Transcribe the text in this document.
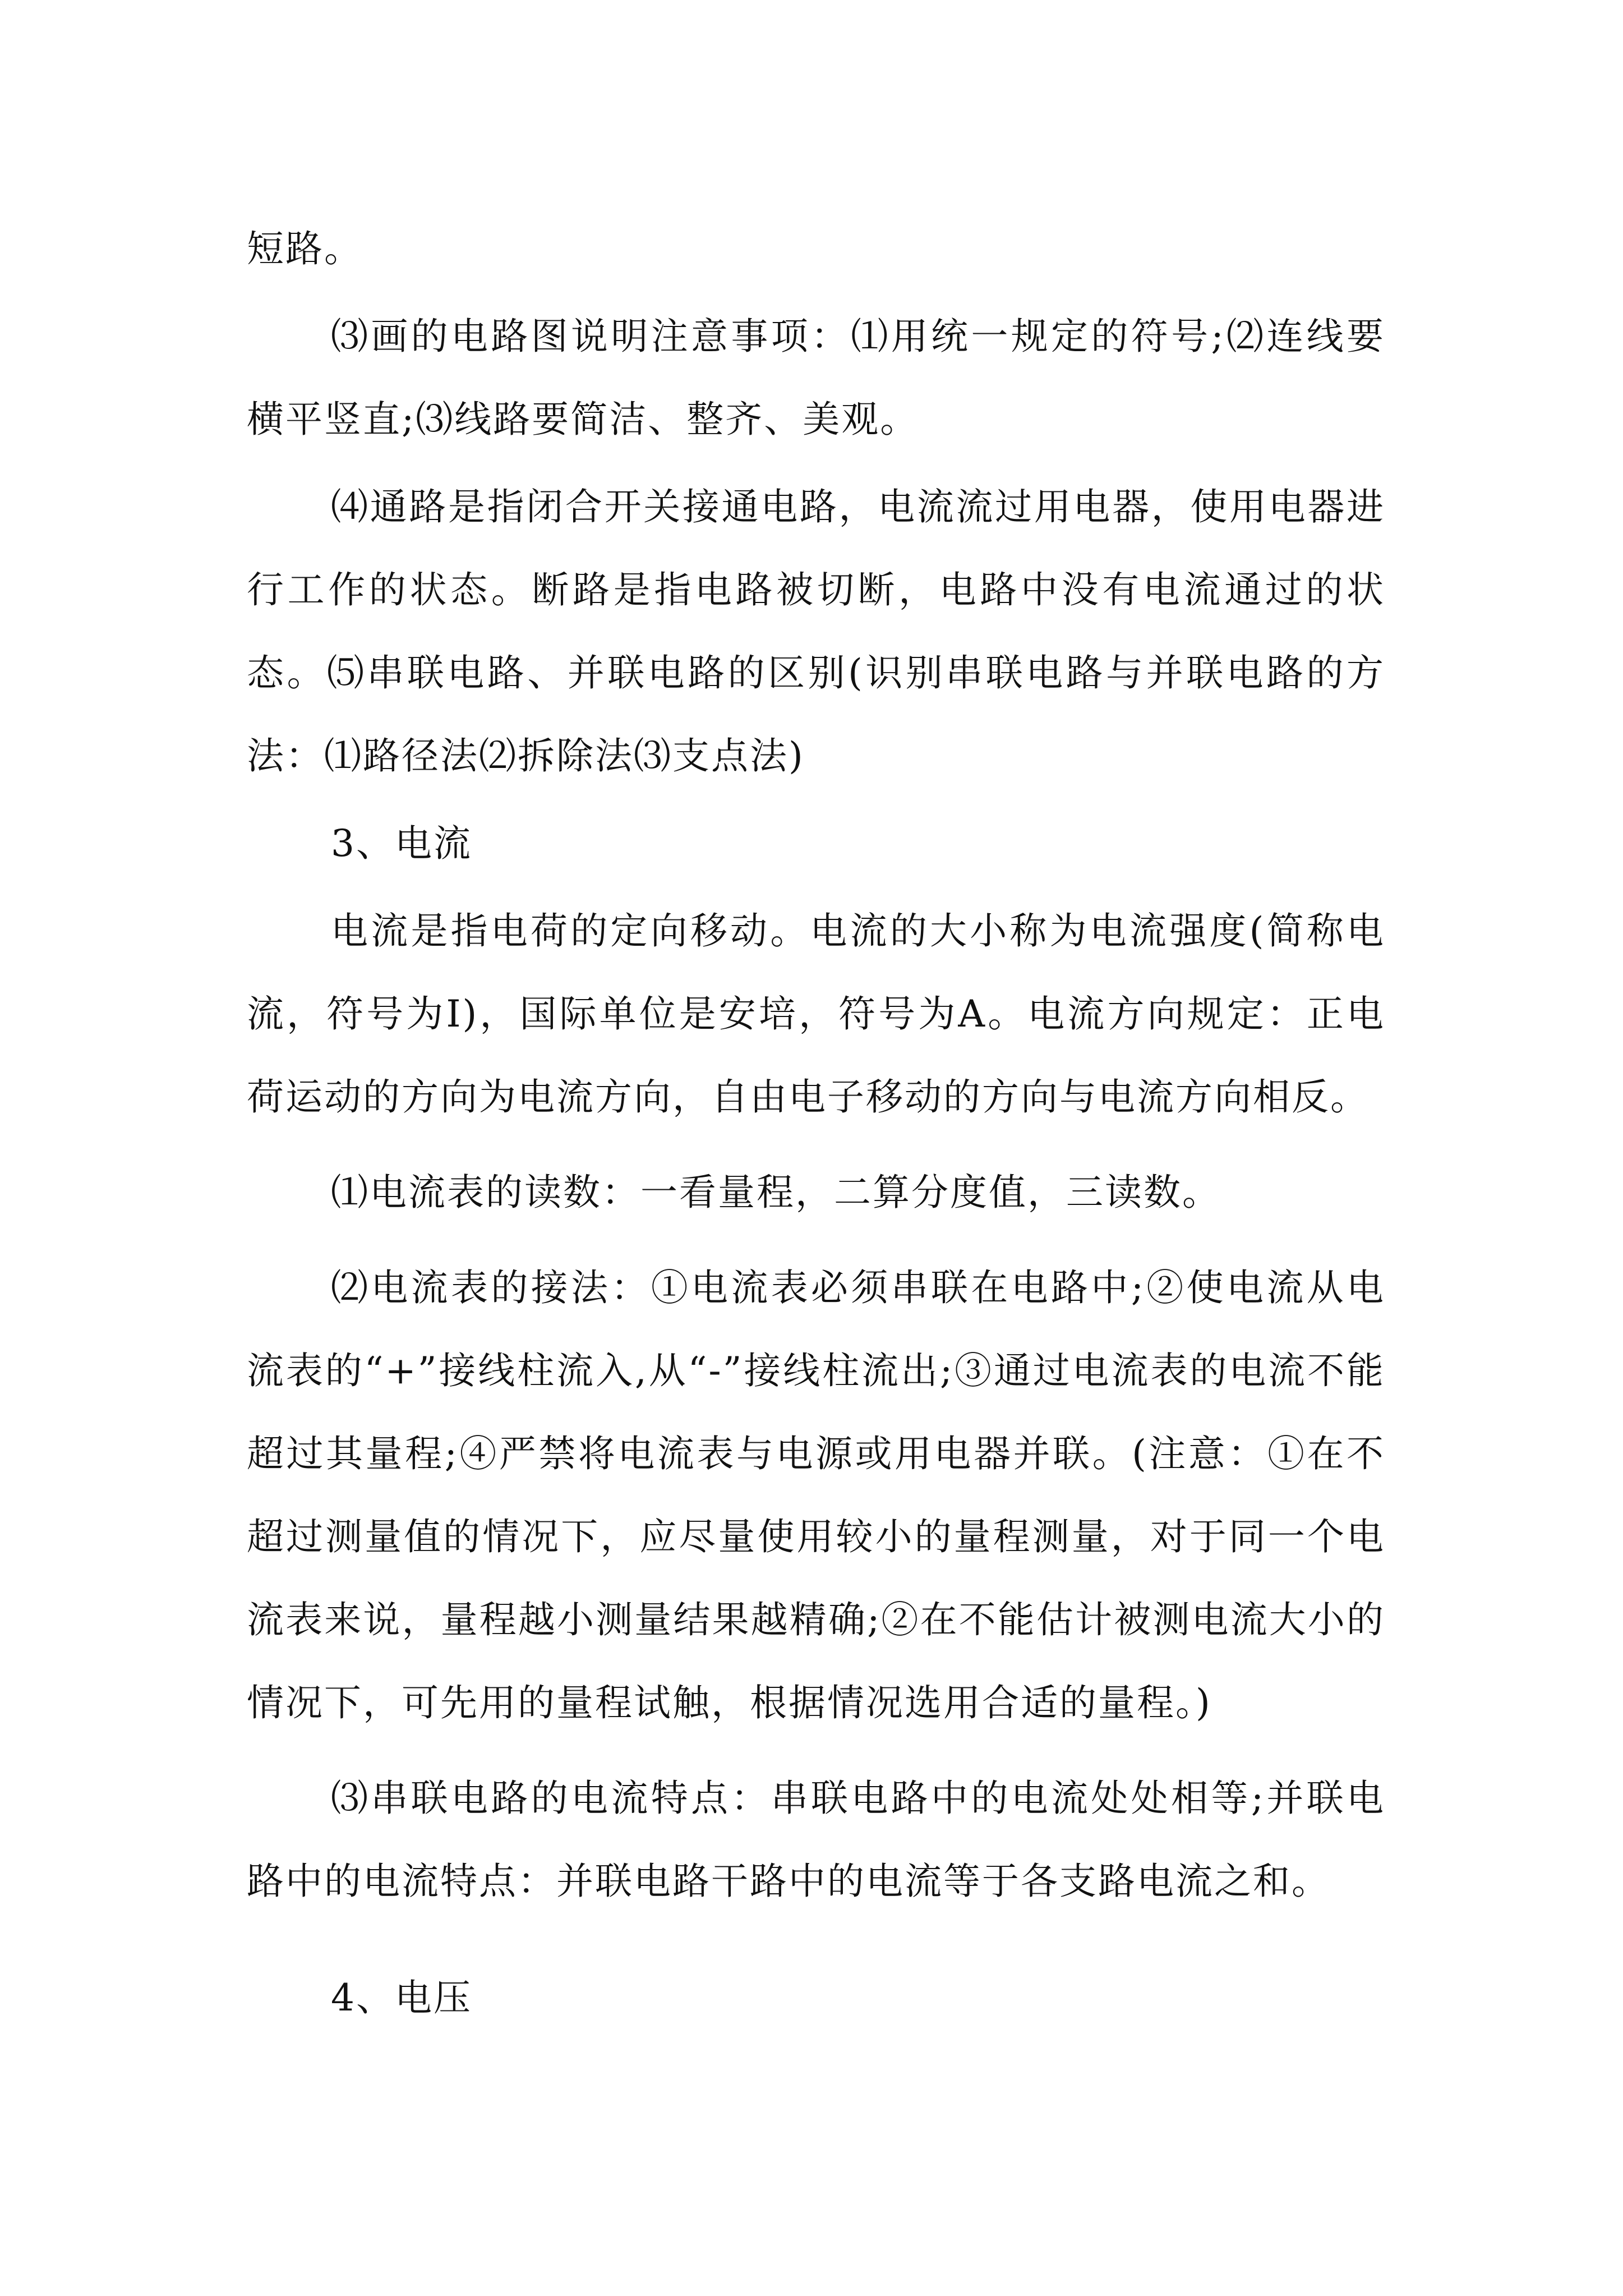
短路。

⑶画的电路图说明注意事项：⑴用统一规定的符号;⑵连线要横平竖直;⑶线路要简洁、整齐、美观。

⑷通路是指闭合开关接通电路，电流流过用电器，使用电器进行工作的状态。断路是指电路被切断，电路中没有电流通过的状态。⑸串联电路、并联电路的区别(识别串联电路与并联电路的方法：⑴路径法⑵拆除法⑶支点法)

3、电流

电流是指电荷的定向移动。电流的大小称为电流强度(简称电流，符号为I)，国际单位是安培，符号为A。电流方向规定：正电荷运动的方向为电流方向，自由电子移动的方向与电流方向相反。

⑴电流表的读数：一看量程，二算分度值，三读数。

⑵电流表的接法：①电流表必须串联在电路中;②使电流从电流表的“+”接线柱流入,从“-”接线柱流出;③通过电流表的电流不能超过其量程;④严禁将电流表与电源或用电器并联。(注意：①在不超过测量值的情况下，应尽量使用较小的量程测量，对于同一个电流表来说，量程越小测量结果越精确;②在不能估计被测电流大小的情况下，可先用的量程试触，根据情况选用合适的量程。)

⑶串联电路的电流特点：串联电路中的电流处处相等;并联电路中的电流特点：并联电路干路中的电流等于各支路电流之和。

4、电压
